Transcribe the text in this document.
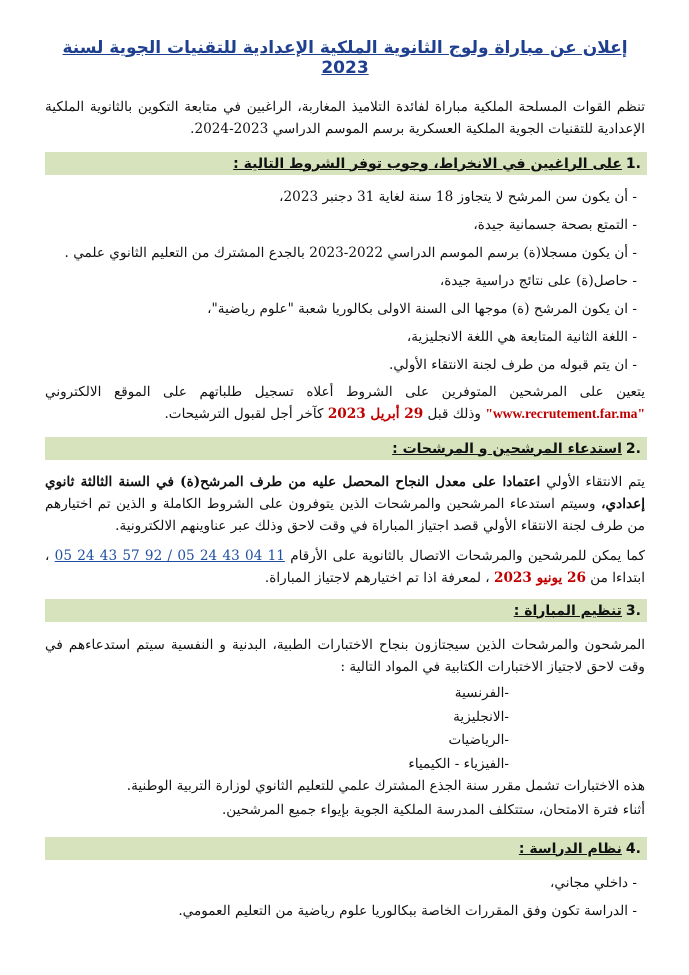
إعلان عن مباراة ولوج الثانوية الملكية الإعدادية للتقنيات الجوية لسنة 2023

تنظم القوات المسلحة الملكية مباراة لفائدة التلاميذ المغاربة، الراغبين في متابعة التكوين بالثانوية الملكية الإعدادية للتقنيات الجوية الملكية العسكرية برسم الموسم الدراسي 2023-2024.

.1
على الراغبين في الانخراط، وجوب توفر الشروط التالية :
- أن يكون سن المرشح لا يتجاوز 18 سنة لغاية 31 دجنبر 2023،
- التمتع بصحة جسمانية جيدة،
- أن يكون مسجلا(ة) برسم الموسم الدراسي 2022-2023 بالجدع المشترك من التعليم الثانوي علمي .
- حاصل(ة) على نتائج دراسية جيدة،
- ان يكون المرشح (ة) موجها الى السنة الاولى بكالوريا شعبة "علوم رياضية"،
- اللغة الثانية المتابعة هي اللغة الانجليزية،
- ان يتم قبوله من طرف لجنة الانتقاء الأولي.

يتعين على المرشحين المتوفرين على الشروط أعلاه تسجيل طلباتهم على الموقع الالكتروني "www.recrutement.far.ma" وذلك قبل 29 أبريل 2023 كآخر أجل لقبول الترشيحات.

.2
استدعاء المرشحين و المرشحات :

يتم الانتقاء الأولي اعتمادا على معدل النجاح المحصل عليه من طرف المرشح(ة) في السنة الثالثة ثانوي إعدادي، وسيتم استدعاء المرشحين والمرشحات الذين يتوفرون على الشروط الكاملة و الذين تم اختيارهم من طرف لجنة الانتقاء الأولي قصد اجتياز المباراة في وقت لاحق وذلك عبر عناوينهم الالكترونية.

كما يمكن للمرشحين والمرشحات الاتصال بالثانوية على الأرقام 05 24 43 57 92 / 05 24 43 04 11 ، ابتداءا من 26 يونيو 2023 ، لمعرفة اذا تم اختيارهم لاجتياز المباراة.

.3
تنظيم المباراة :

المرشحون والمرشحات الذين سيجتازون بنجاح الاختبارات الطبية، البدنية و النفسية سيتم استدعاءهم في وقت لاحق لاجتياز الاختبارات الكتابية في المواد التالية :

-الفرنسية
-الانجليزية
-الرياضيات
-الفيزياء - الكيمياء

هذه الاختبارات تشمل مقرر سنة الجذع المشترك علمي للتعليم الثانوي لوزارة التربية الوطنية.

أثناء فترة الامتحان، ستتكلف المدرسة الملكية الجوية بإيواء جميع المرشحين.

.4
نظام الدراسة :
- داخلي مجاني،
- الدراسة تكون وفق المقررات الخاصة ببكالوريا علوم رياضية من التعليم العمومي.
